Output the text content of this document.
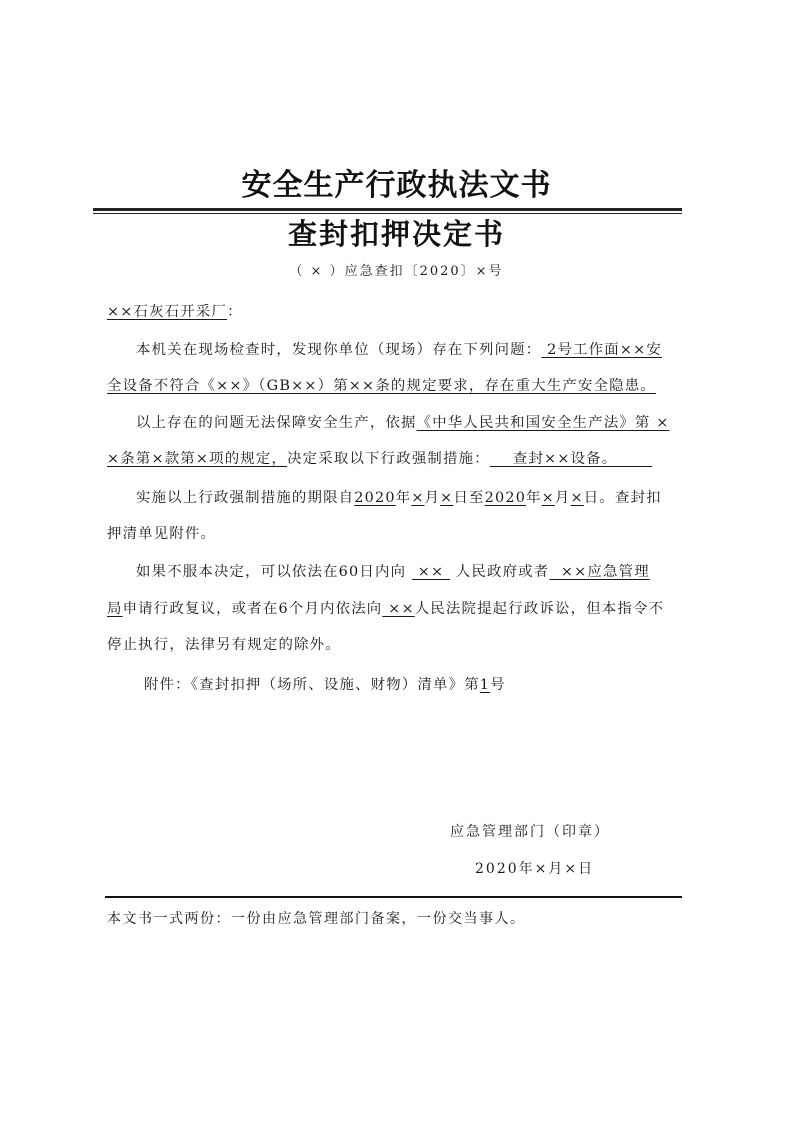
安全生产行政执法文书
查封扣押决定书
（ × ）应急查扣〔2020〕×号
××石灰石开采厂：
本机关在现场检查时，发现你单位（现场）存在下列问题： 2号工作面××安
全设备不符合《××》（GB××）第××条的规定要求，存在重大生产安全隐患。
以上存在的问题无法保障安全生产，依据《中华人民共和国安全生产法》第 ×
×条第×款第×项的规定，决定采取以下行政强制措施：    查封××设备。
实施以上行政强制措施的期限自2020年×月×日至2020年×月×日。查封扣
押清单见附件。
如果不服本决定，可以依法在60日内向  ××  人民政府或者  ××应急管理
局申请行政复议，或者在6个月内依法向 ××人民法院提起行政诉讼，但本指令不
停止执行，法律另有规定的除外。
附件：《查封扣押（场所、设施、财物）清单》第1号
应急管理部门（印章）
2020年×月×日
本文书一式两份：一份由应急管理部门备案，一份交当事人。
